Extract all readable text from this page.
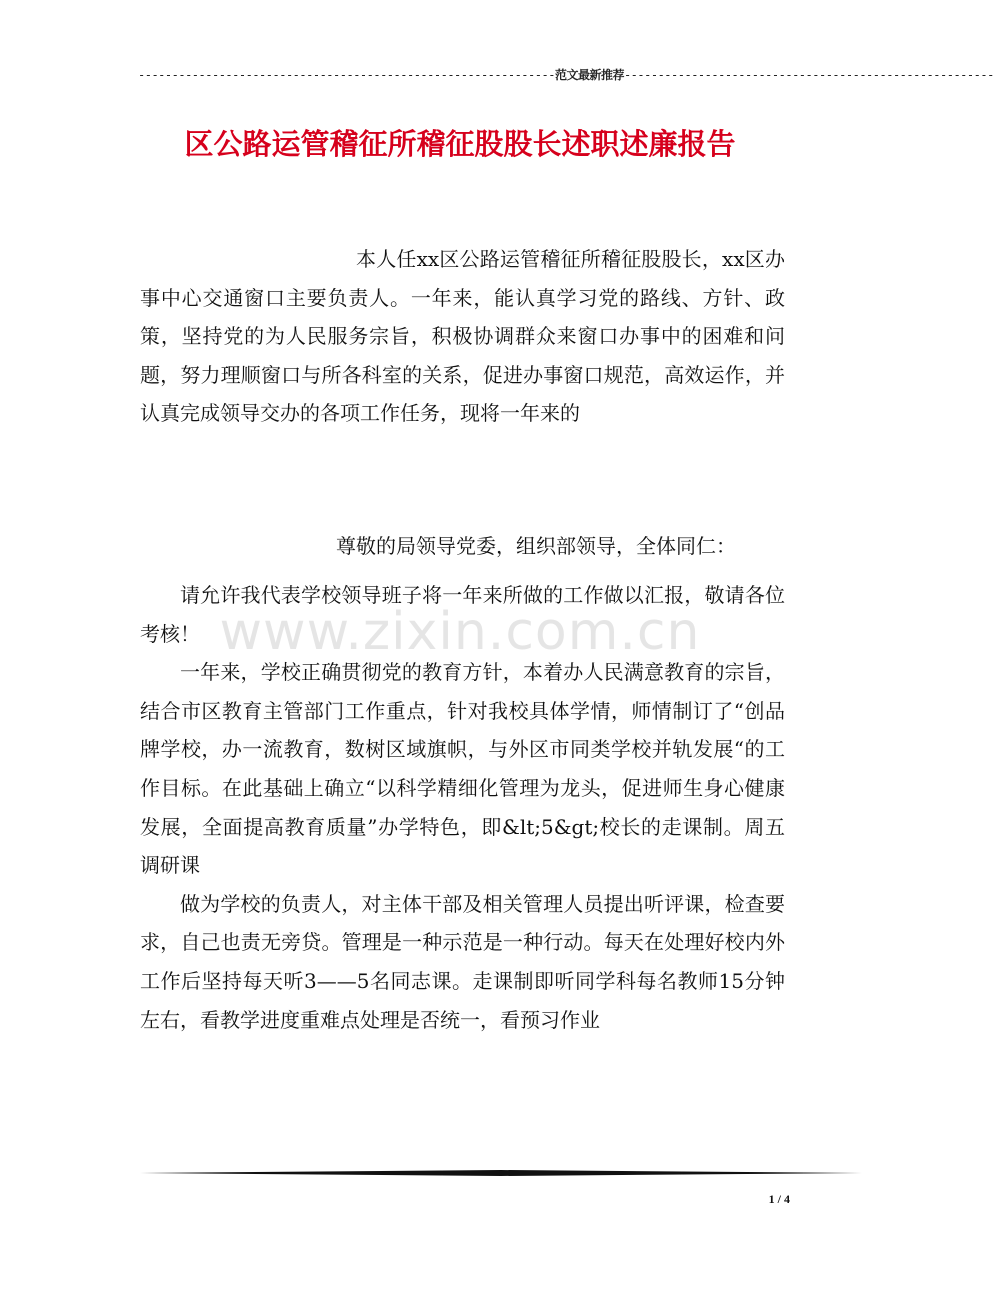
--------------------------------------------------------------范文最新推荐-------------------------------------------------------
区公路运管稽征所稽征股股长述职述廉报告

本人任xx区公路运管稽征所稽征股股长，xx区办事中心交通窗口主要负责人。一年来，能认真学习党的路线、方针、政策，坚持党的为人民服务宗旨，积极协调群众来窗口办事中的困难和问题，努力理顺窗口与所各科室的关系，促进办事窗口规范，高效运作，并认真完成领导交办的各项工作任务，现将一年来的

尊敬的局领导党委，组织部领导，全体同仁：

请允许我代表学校领导班子将一年来所做的工作做以汇报，敬请各位考核！

一年来，学校正确贯彻党的教育方针，本着办人民满意教育的宗旨，结合市区教育主管部门工作重点，针对我校具体学情，师情制订了“创品牌学校，办一流教育，数树区域旗帜，与外区市同类学校并轨发展“的工作目标。在此基础上确立“以科学精细化管理为龙头，促进师生身心健康发展，全面提高教育质量”办学特色，即&lt;5&gt;校长的走课制。周五调研课

做为学校的负责人，对主体干部及相关管理人员提出听评课，检查要求，自己也责无旁贷。管理是一种示范是一种行动。每天在处理好校内外工作后坚持每天听3——5名同志课。走课制即听同学科每名教师15分钟左右，看教学进度重难点处理是否统一，看预习作业

www.zixin.com.cn
1 / 4
